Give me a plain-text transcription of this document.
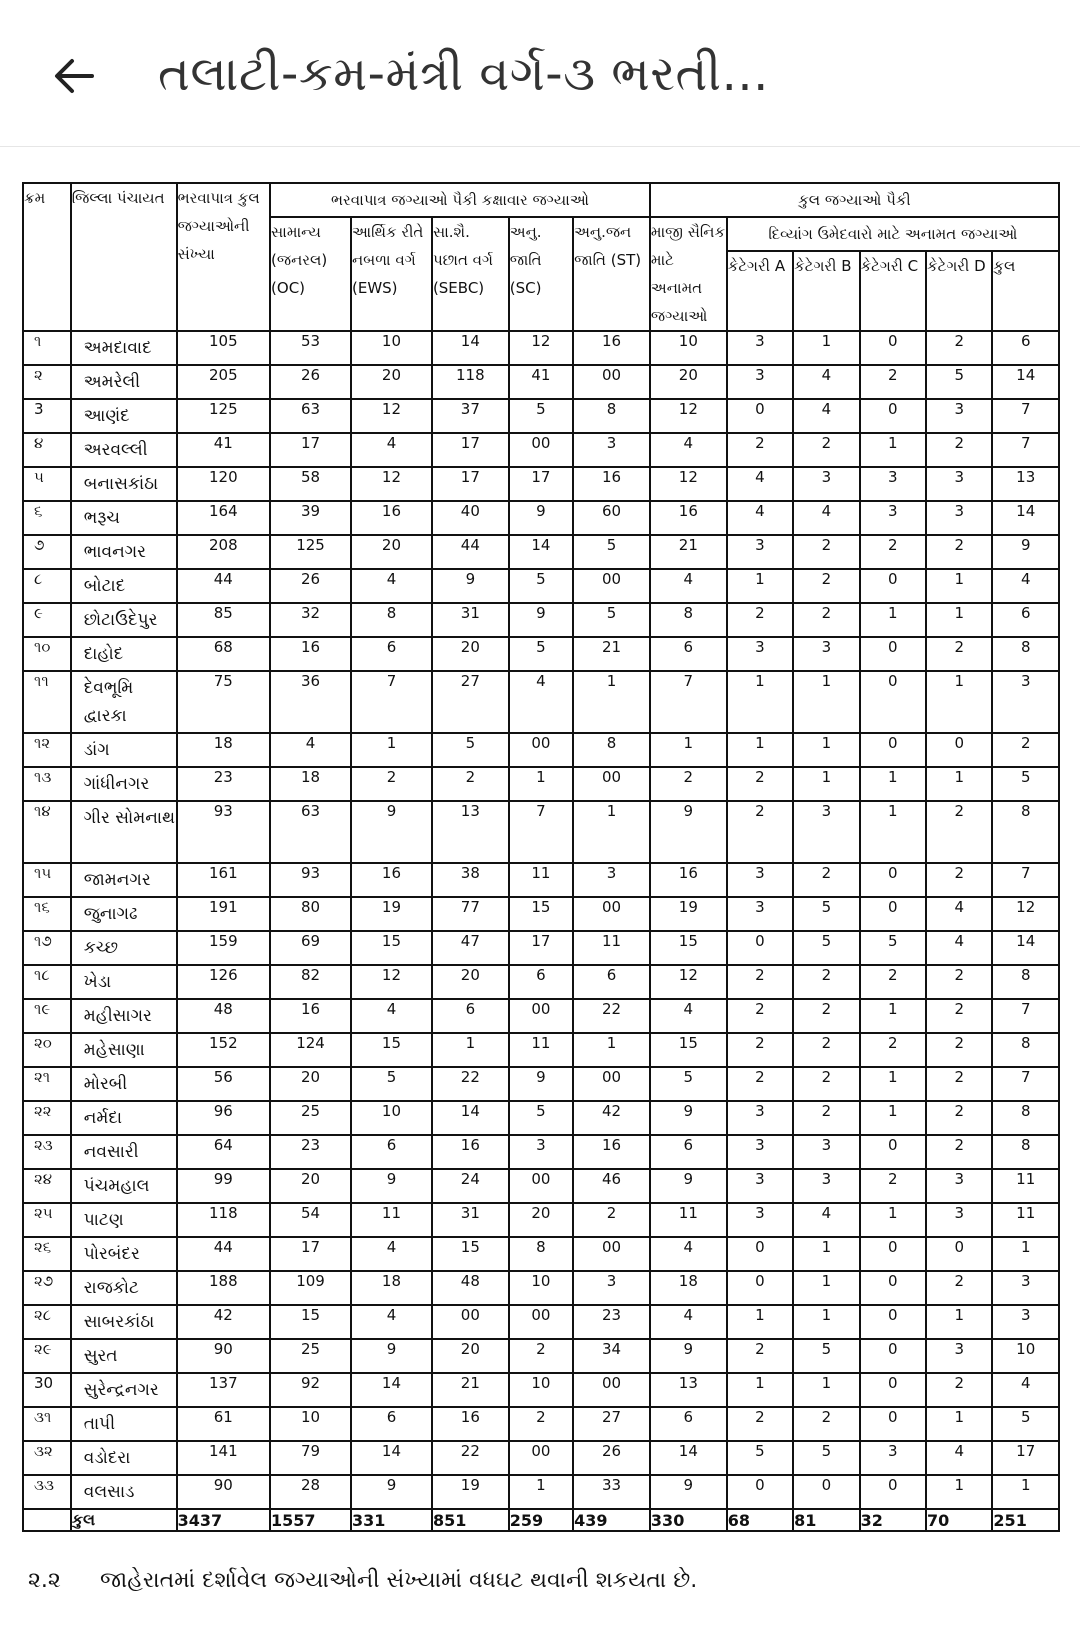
તલાટી-કમ-મંત્રી વર્ગ-૩ ભરતી...
ક્રમ	જિલ્લા પંચાયત	ભરવાપાત્ર કુલ જગ્યાઓની સંખ્યા	ભરવાપાત્ર જગ્યાઓ પૈકી કક્ષાવાર જગ્યાઓ					કુલ જગ્યાઓ પૈકી					
			સામાન્ય (જનરલ) (OC)	આર્થિક રીતે નબળા વર્ગ (EWS)	સા.શૈ. પછાત વર્ગ (SEBC)	અનુ. જાતિ (SC)	અનુ.જન જાતિ (ST)	માજી સૈનિક માટે અનામત જગ્યાઓ	દિવ્યાંગ ઉમેદવારો માટે અનામત જગ્યાઓ				
									કેટેગરી A	કેટેગરી B	કેટેગરી C	કેટેગરી D	કુલ
૧	અમદાવાદ	105	53	10	14	12	16	10	3	1	0	2	6
૨	અમરેલી	205	26	20	118	41	00	20	3	4	2	5	14
3	આણંદ	125	63	12	37	5	8	12	0	4	0	3	7
૪	અરવલ્લી	41	17	4	17	00	3	4	2	2	1	2	7
૫	બનાસકાંઠા	120	58	12	17	17	16	12	4	3	3	3	13
૬	ભરૂચ	164	39	16	40	9	60	16	4	4	3	3	14
૭	ભાવનગર	208	125	20	44	14	5	21	3	2	2	2	9
૮	બોટાદ	44	26	4	9	5	00	4	1	2	0	1	4
૯	છોટાઉદેપુર	85	32	8	31	9	5	8	2	2	1	1	6
૧૦	દાહોદ	68	16	6	20	5	21	6	3	3	0	2	8
૧૧	દેવભૂમિ દ્વારકા	75	36	7	27	4	1	7	1	1	0	1	3
૧૨	ડાંગ	18	4	1	5	00	8	1	1	1	0	0	2
૧૩	ગાંધીનગર	23	18	2	2	1	00	2	2	1	1	1	5
૧૪	ગીર સોમનાથ	93	63	9	13	7	1	9	2	3	1	2	8
૧૫	જામનગર	161	93	16	38	11	3	16	3	2	0	2	7
૧૬	જુનાગઢ	191	80	19	77	15	00	19	3	5	0	4	12
૧૭	કચ્છ	159	69	15	47	17	11	15	0	5	5	4	14
૧૮	ખેડા	126	82	12	20	6	6	12	2	2	2	2	8
૧૯	મહીસાગર	48	16	4	6	00	22	4	2	2	1	2	7
૨૦	મહેસાણા	152	124	15	1	11	1	15	2	2	2	2	8
૨૧	મોરબી	56	20	5	22	9	00	5	2	2	1	2	7
૨૨	નર્મદા	96	25	10	14	5	42	9	3	2	1	2	8
૨૩	નવસારી	64	23	6	16	3	16	6	3	3	0	2	8
૨૪	પંચમહાલ	99	20	9	24	00	46	9	3	3	2	3	11
૨૫	પાટણ	118	54	11	31	20	2	11	3	4	1	3	11
૨૬	પોરબંદર	44	17	4	15	8	00	4	0	1	0	0	1
૨૭	રાજકોટ	188	109	18	48	10	3	18	0	1	0	2	3
૨૮	સાબરકાંઠા	42	15	4	00	00	23	4	1	1	0	1	3
૨૯	સુરત	90	25	9	20	2	34	9	2	5	0	3	10
30	સુરેન્દ્રનગર	137	92	14	21	10	00	13	1	1	0	2	4
૩૧	તાપી	61	10	6	16	2	27	6	2	2	0	1	5
૩૨	વડોદરા	141	79	14	22	00	26	14	5	5	3	4	17
૩૩	વલસાડ	90	28	9	19	1	33	9	0	0	0	1	1
	કુલ	3437	1557	331	851	259	439	330	68	81	32	70	251
૨.૨ જાહેરાતમાં દર્શાવેલ જગ્યાઓની સંખ્યામાં વધઘટ થવાની શકયતા છે.
